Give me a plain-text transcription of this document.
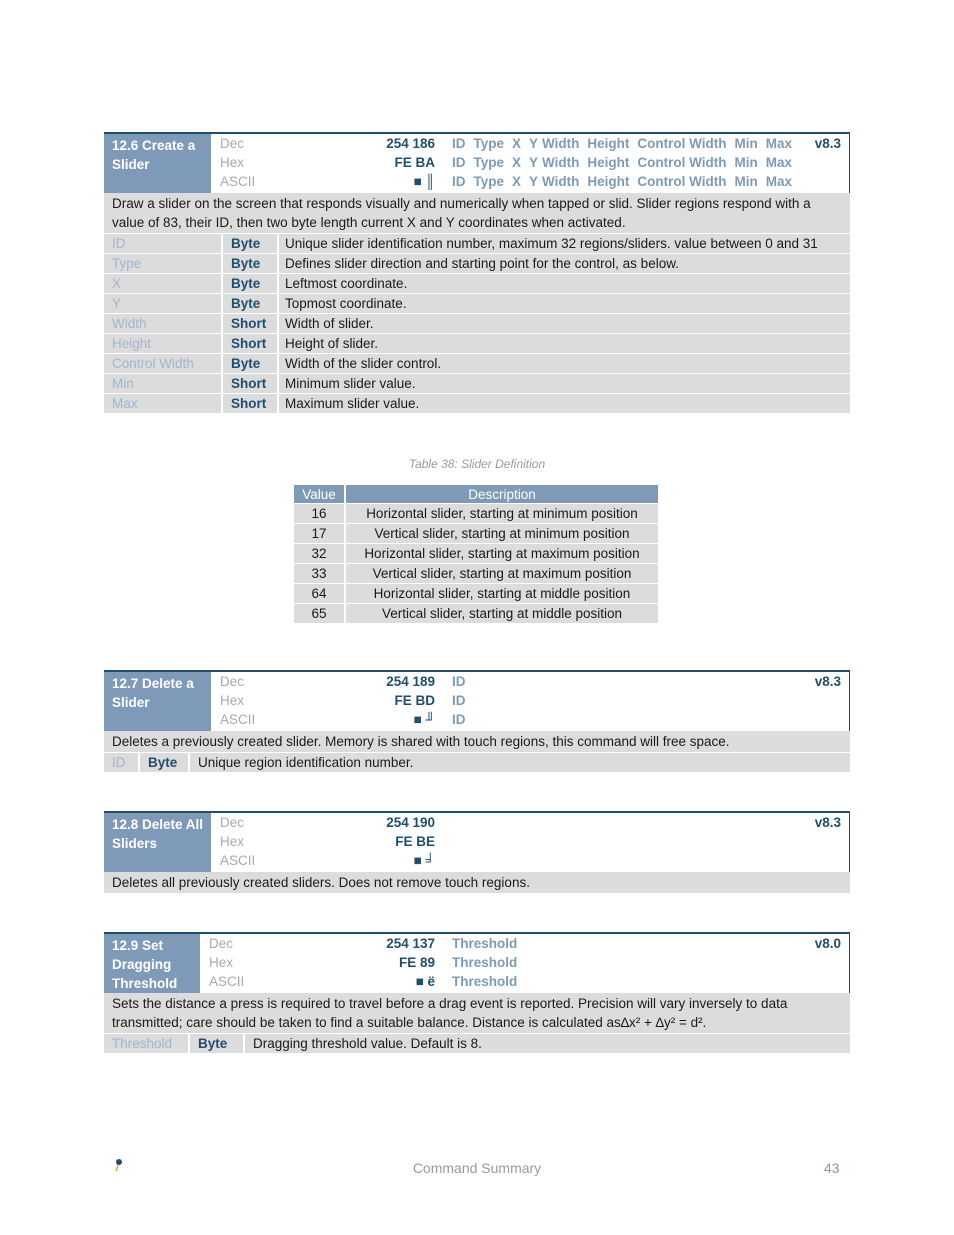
12.6 Create a Slider
Dec	254 186 ID Type X Y Width Height Control Width Min Max	v8.3
Hex	FE BA ID Type X Y Width Height Control Width Min Max
ASCII	■ ║ ID Type X Y Width Height Control Width Min Max
Draw a slider on the screen that responds visually and numerically when tapped or slid. Slider regions respond with a value of 83, their ID, then two byte length current X and Y coordinates when activated.
ID	Byte	Unique slider identification number, maximum 32 regions/sliders. value between 0 and 31
Type	Byte	Defines slider direction and starting point for the control, as below.
X	Byte	Leftmost coordinate.
Y	Byte	Topmost coordinate.
Width	Short	Width of slider.
Height	Short	Height of slider.
Control Width	Byte	Width of the slider control.
Min	Short	Minimum slider value.
Max	Short	Maximum slider value.
Table 38: Slider Definition
Value	Description
16	Horizontal slider, starting at minimum position
17	Vertical slider, starting at minimum position
32	Horizontal slider, starting at maximum position
33	Vertical slider, starting at maximum position
64	Horizontal slider, starting at middle position
65	Vertical slider, starting at middle position
12.7 Delete a Slider
Dec	254 189 ID	v8.3
Hex	FE BD ID
ASCII	■ ╜ ID
Deletes a previously created slider. Memory is shared with touch regions, this command will free space.
ID	Byte	Unique region identification number.
12.8 Delete All Sliders
Dec	254 190	v8.3
Hex	FE BE
ASCII	■ ╛
Deletes all previously created sliders. Does not remove touch regions.
12.9 Set Dragging Threshold
Dec	254 137 Threshold	v8.0
Hex	FE 89 Threshold
ASCII	■ ë Threshold
Sets the distance a press is required to travel before a drag event is reported. Precision will vary inversely to data transmitted; care should be taken to find a suitable balance. Distance is calculated as∆x² + ∆y² = d².
Threshold	Byte	Dragging threshold value. Default is 8.
Command Summary	43
